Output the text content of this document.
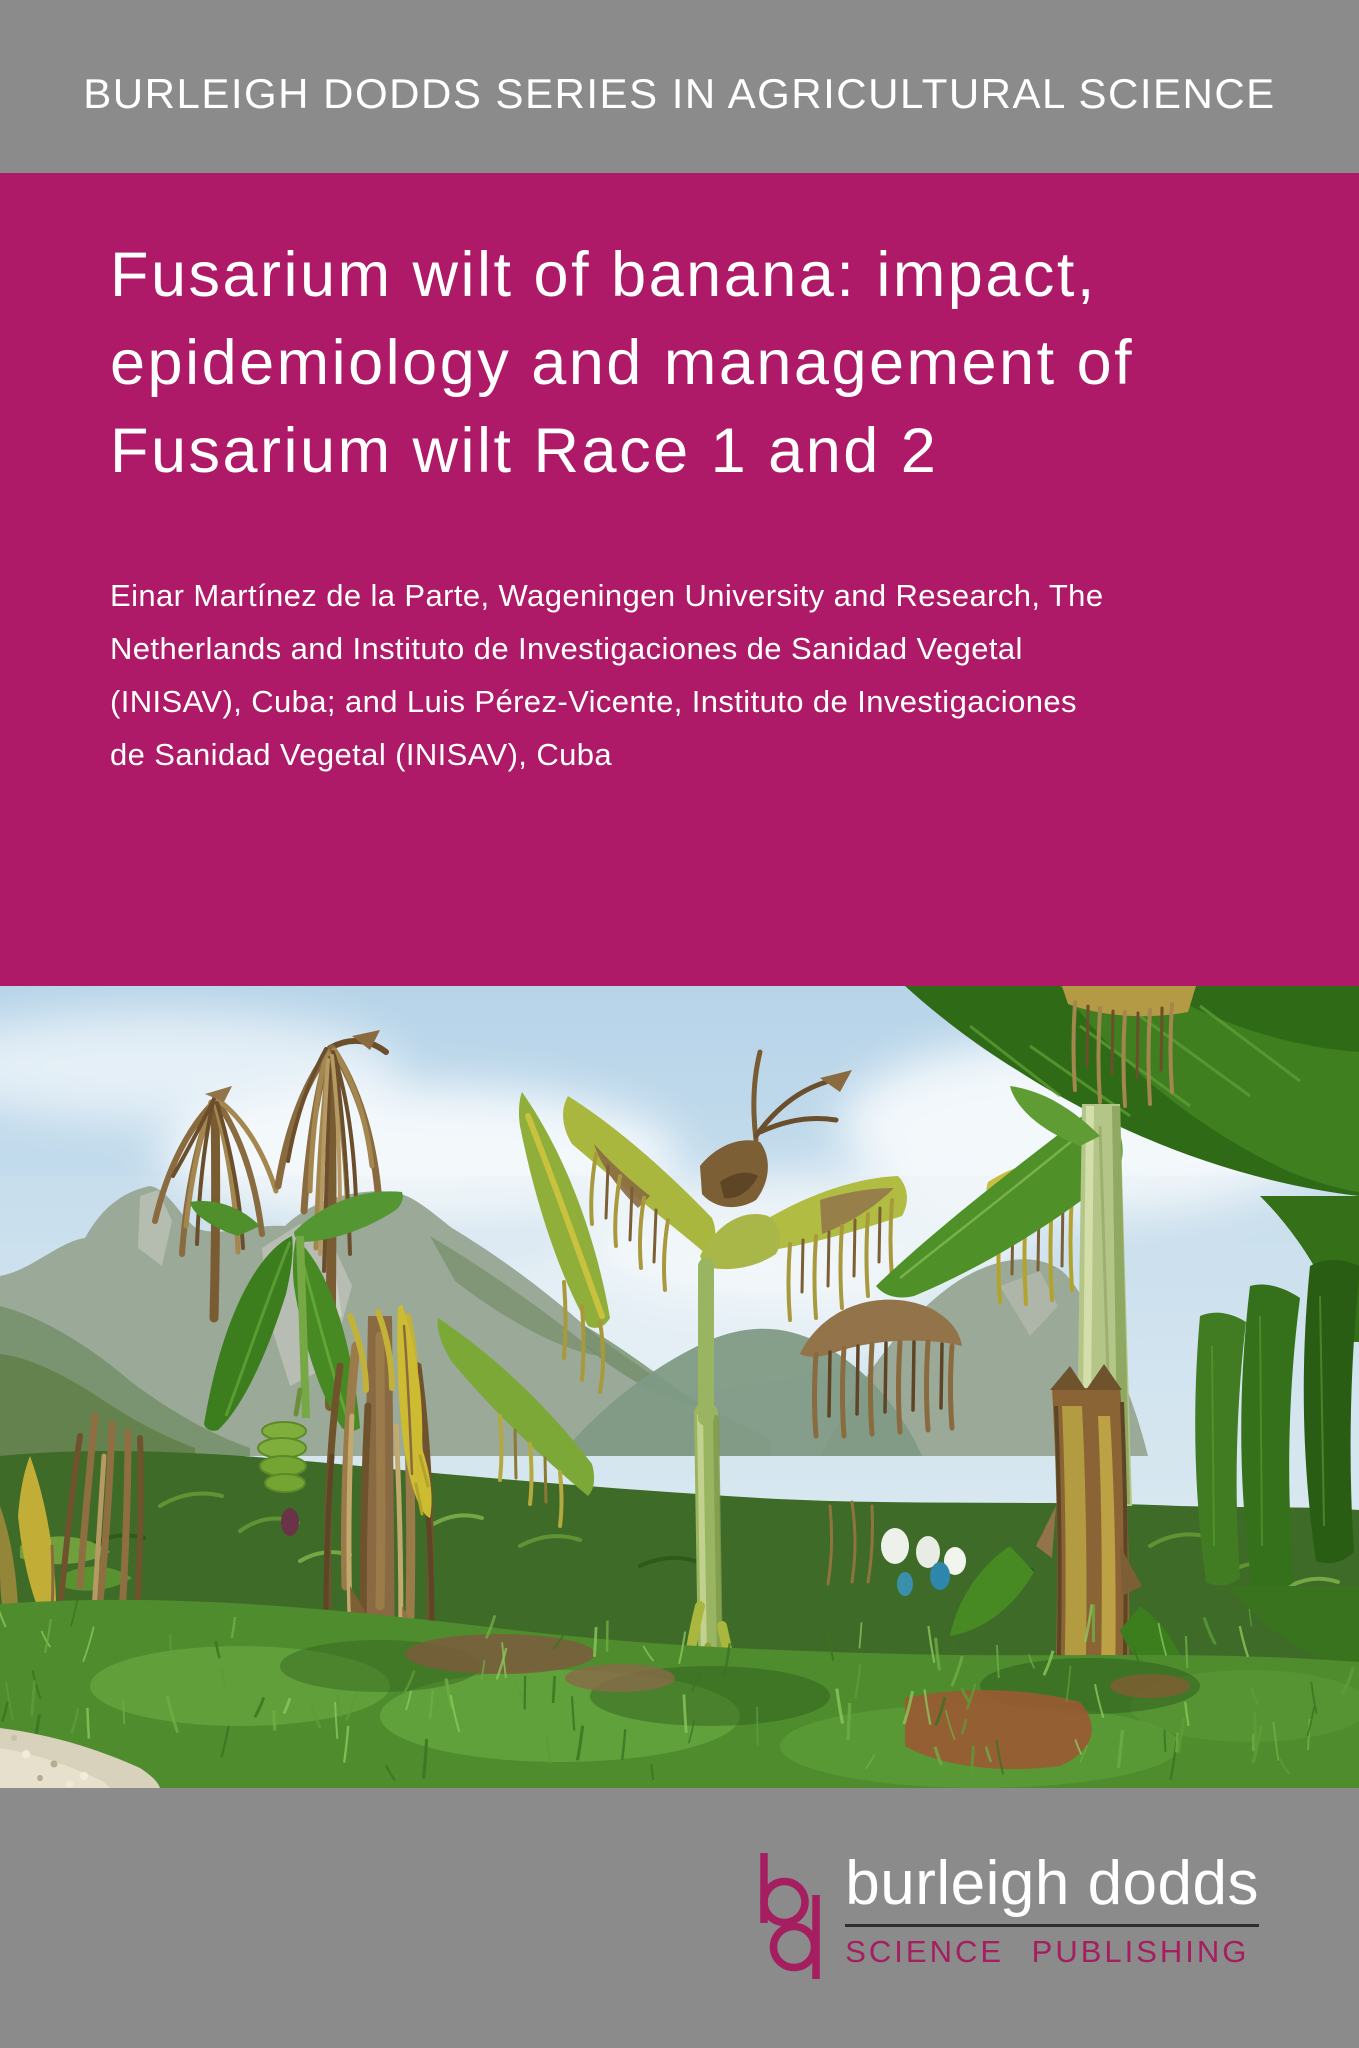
BURLEIGH DODDS SERIES IN AGRICULTURAL SCIENCE
Fusarium wilt of banana: impact,
epidemiology and management of
Fusarium wilt Race 1 and 2

Einar Martínez de la Parte, Wageningen University and Research, The
Netherlands and Instituto de Investigaciones de Sanidad Vegetal
(INISAV), Cuba; and Luis Pérez-Vicente, Instituto de Investigaciones
de Sanidad Vegetal (INISAV), Cuba

burleigh dodds
SCIENCE PUBLISHING
